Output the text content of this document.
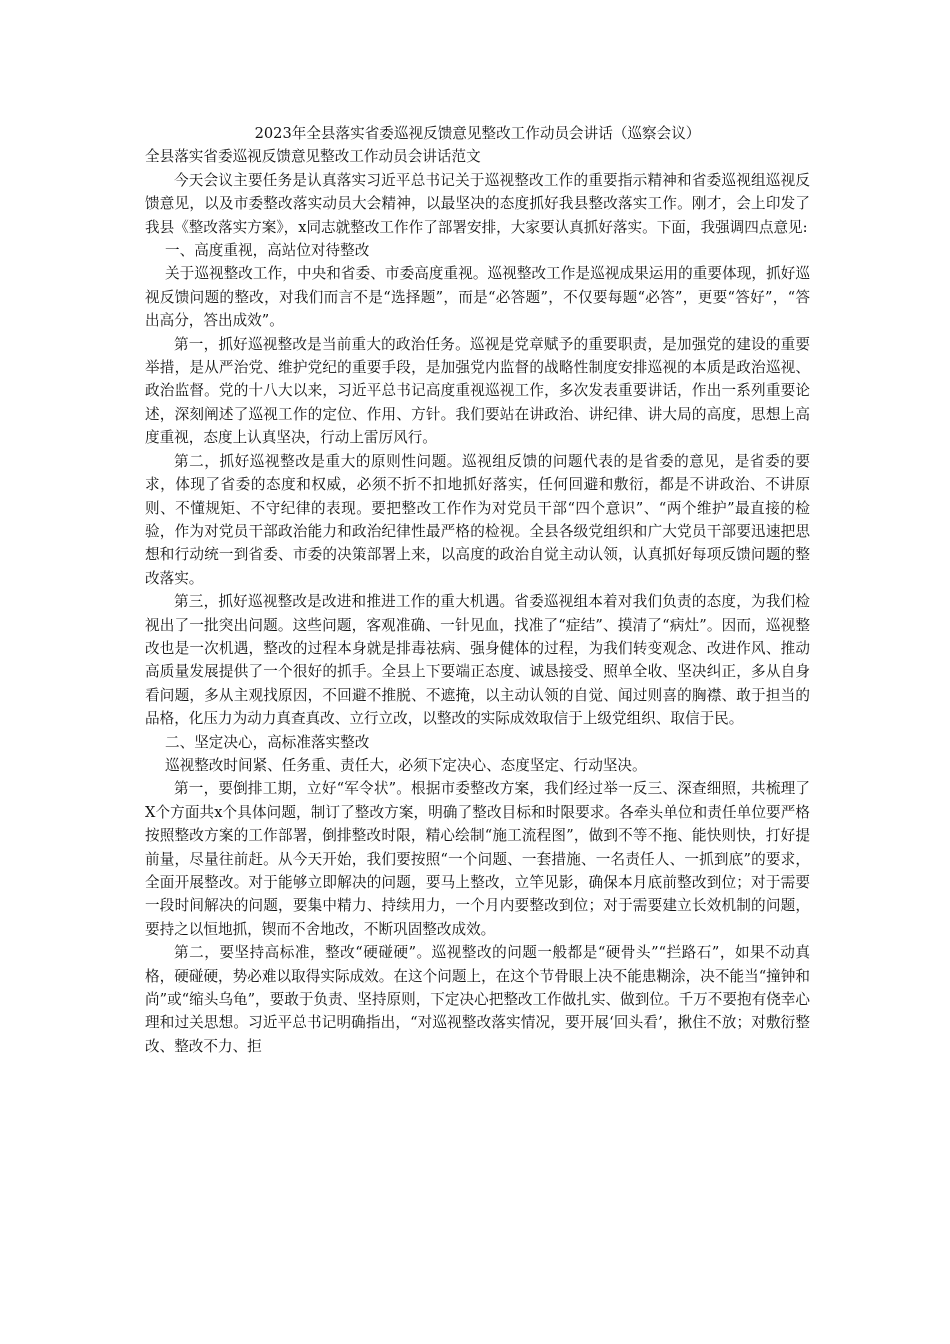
2023年全县落实省委巡视反馈意见整改工作动员会讲话（巡察会议）

全县落实省委巡视反馈意见整改工作动员会讲话范文

今天会议主要任务是认真落实习近平总书记关于巡视整改工作的重要指示精神和省委巡视组巡视反馈意见，以及市委整改落实动员大会精神，以最坚决的态度抓好我县整改落实工作。刚才，会上印发了我县《整改落实方案》，x同志就整改工作作了部署安排，大家要认真抓好落实。下面，我强调四点意见:

一、高度重视，高站位对待整改

关于巡视整改工作，中央和省委、市委高度重视。巡视整改工作是巡视成果运用的重要体现，抓好巡视反馈问题的整改，对我们而言不是“选择题”，而是“必答题”，不仅要每题“必答”，更要“答好”，“答出高分，答出成效”。

第一，抓好巡视整改是当前重大的政治任务。巡视是党章赋予的重要职责，是加强党的建设的重要举措，是从严治党、维护党纪的重要手段，是加强党内监督的战略性制度安排巡视的本质是政治巡视、政治监督。党的十八大以来，习近平总书记高度重视巡视工作，多次发表重要讲话，作出一系列重要论述，深刻阐述了巡视工作的定位、作用、方针。我们要站在讲政治、讲纪律、讲大局的高度，思想上高度重视，态度上认真坚决，行动上雷厉风行。

第二，抓好巡视整改是重大的原则性问题。巡视组反馈的问题代表的是省委的意见，是省委的要求，体现了省委的态度和权威，必须不折不扣地抓好落实，任何回避和敷衍，都是不讲政治、不讲原则、不懂规矩、不守纪律的表现。要把整改工作作为对党员干部“四个意识”、“两个维护”最直接的检验，作为对党员干部政治能力和政治纪律性最严格的检视。全县各级党组织和广大党员干部要迅速把思想和行动统一到省委、市委的决策部署上来，以高度的政治自觉主动认领，认真抓好每项反馈问题的整改落实。

第三，抓好巡视整改是改进和推进工作的重大机遇。省委巡视组本着对我们负责的态度，为我们检视出了一批突出问题。这些问题，客观准确、一针见血，找准了“症结”、摸清了“病灶”。因而，巡视整改也是一次机遇，整改的过程本身就是排毒祛病、强身健体的过程，为我们转变观念、改进作风、推动高质量发展提供了一个很好的抓手。全县上下要端正态度、诚恳接受、照单全收、坚决纠正，多从自身看问题，多从主观找原因，不回避不推脱、不遮掩，以主动认领的自觉、闻过则喜的胸襟、敢于担当的品格，化压力为动力真查真改、立行立改，以整改的实际成效取信于上级党组织、取信于民。

二、坚定决心，高标准落实整改

巡视整改时间紧、任务重、责任大，必须下定决心、态度坚定、行动坚决。

第一，要倒排工期，立好“军令状”。根据市委整改方案，我们经过举一反三、深查细照，共梳理了X个方面共x个具体问题，制订了整改方案，明确了整改目标和时限要求。各牵头单位和责任单位要严格按照整改方案的工作部署，倒排整改时限，精心绘制“施工流程图”，做到不等不拖、能快则快，打好提前量，尽量往前赶。从今天开始，我们要按照“一个问题、一套措施、一名责任人、一抓到底”的要求，全面开展整改。对于能够立即解决的问题，要马上整改，立竿见影，确保本月底前整改到位；对于需要一段时间解决的问题，要集中精力、持续用力，一个月内要整改到位；对于需要建立长效机制的问题，要持之以恒地抓，锲而不舍地改，不断巩固整改成效。

第二，要坚持高标准，整改“硬碰硬”。巡视整改的问题一般都是“硬骨头”“拦路石”，如果不动真格，硬碰硬，势必难以取得实际成效。在这个问题上，在这个节骨眼上决不能患糊涂，决不能当“撞钟和尚”或“缩头乌龟”，要敢于负责、坚持原则，下定决心把整改工作做扎实、做到位。千万不要抱有侥幸心理和过关思想。习近平总书记明确指出，“对巡视整改落实情况，要开展‘回头看’，揪住不放；对敷衍整改、整改不力、拒
